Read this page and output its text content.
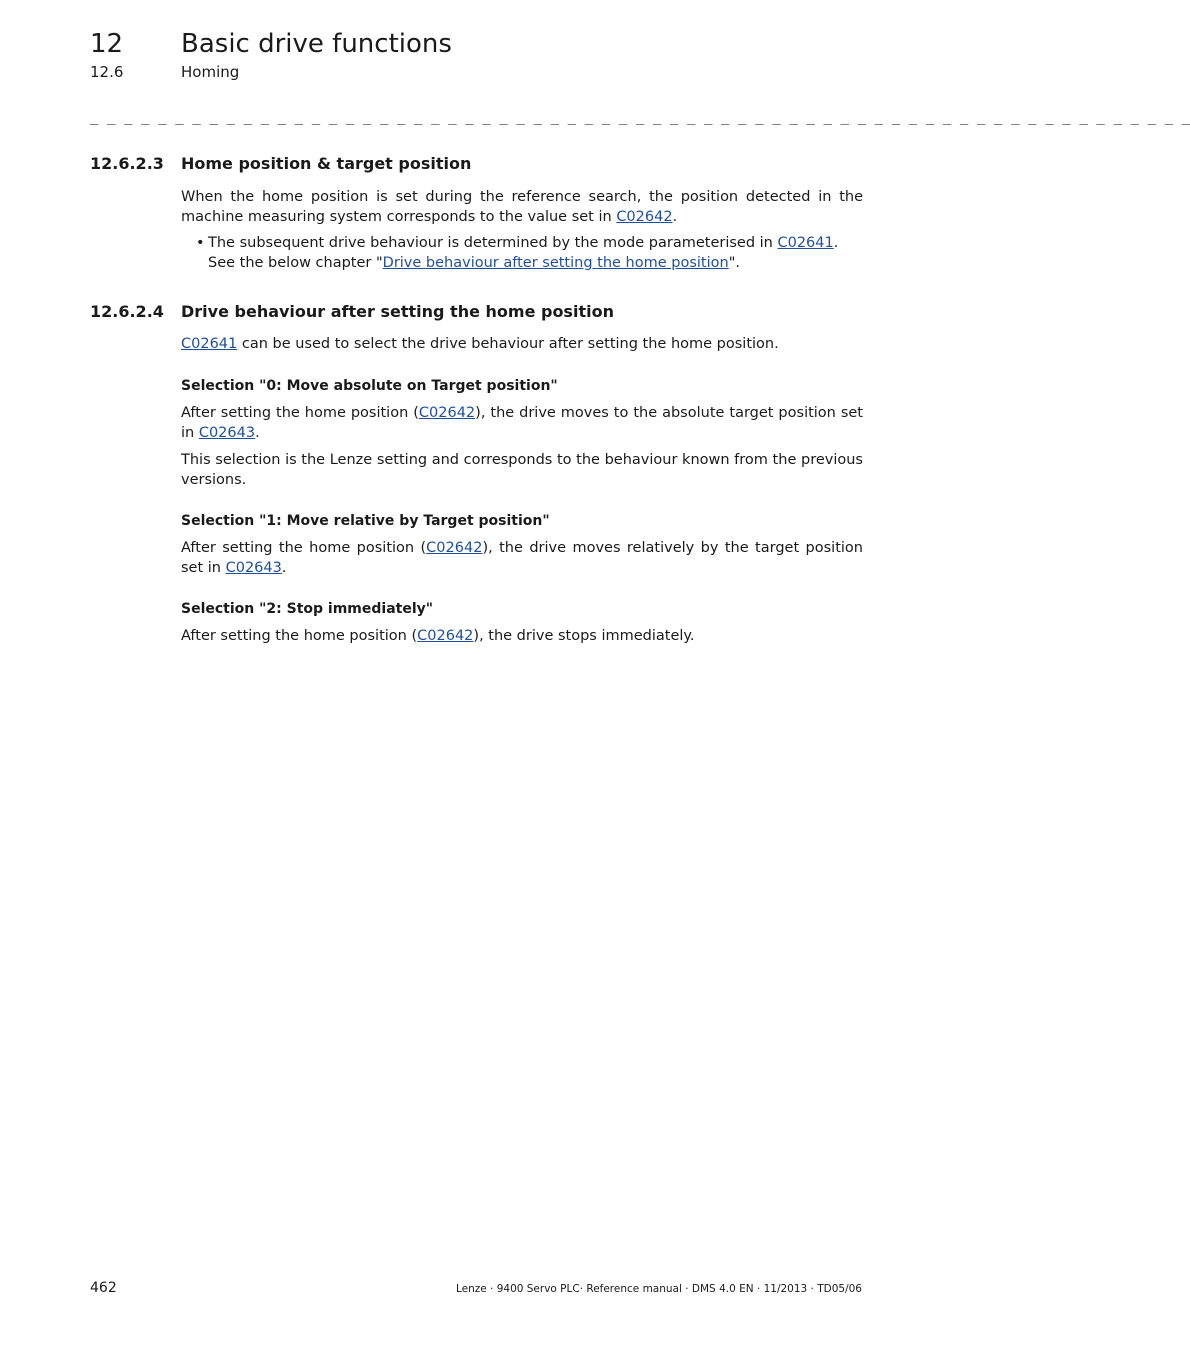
12 Basic drive functions
12.6	Homing
_ _ _ _ _ _ _ _ _ _ _ _ _ _ _ _ _ _ _ _ _ _ _ _ _ _ _ _ _ _ _ _ _ _ _ _ _ _ _ _ _ _ _ _ _ _ _ _ _ _ _ _ _ _ _ _ _ _ _ _ _ _ _ _ _
12.6.2.3 Home position & target position

When the home position is set during the reference search, the position detected in the machine measuring system corresponds to the value set in C02642.

• The subsequent drive behaviour is determined by the mode parameterised in C02641. See the below chapter "Drive behaviour after setting the home position".
12.6.2.4 Drive behaviour after setting the home position

C02641 can be used to select the drive behaviour after setting the home position.

Selection "0: Move absolute on Target position"

After setting the home position (C02642), the drive moves to the absolute target position set in C02643.

This selection is the Lenze setting and corresponds to the behaviour known from the previous versions.

Selection "1: Move relative by Target position"

After setting the home position (C02642), the drive moves relatively by the target position set in C02643.

Selection "2: Stop immediately"

After setting the home position (C02642), the drive stops immediately.

462	Lenze · 9400 Servo PLC· Reference manual · DMS 4.0 EN · 11/2013 · TD05/06
